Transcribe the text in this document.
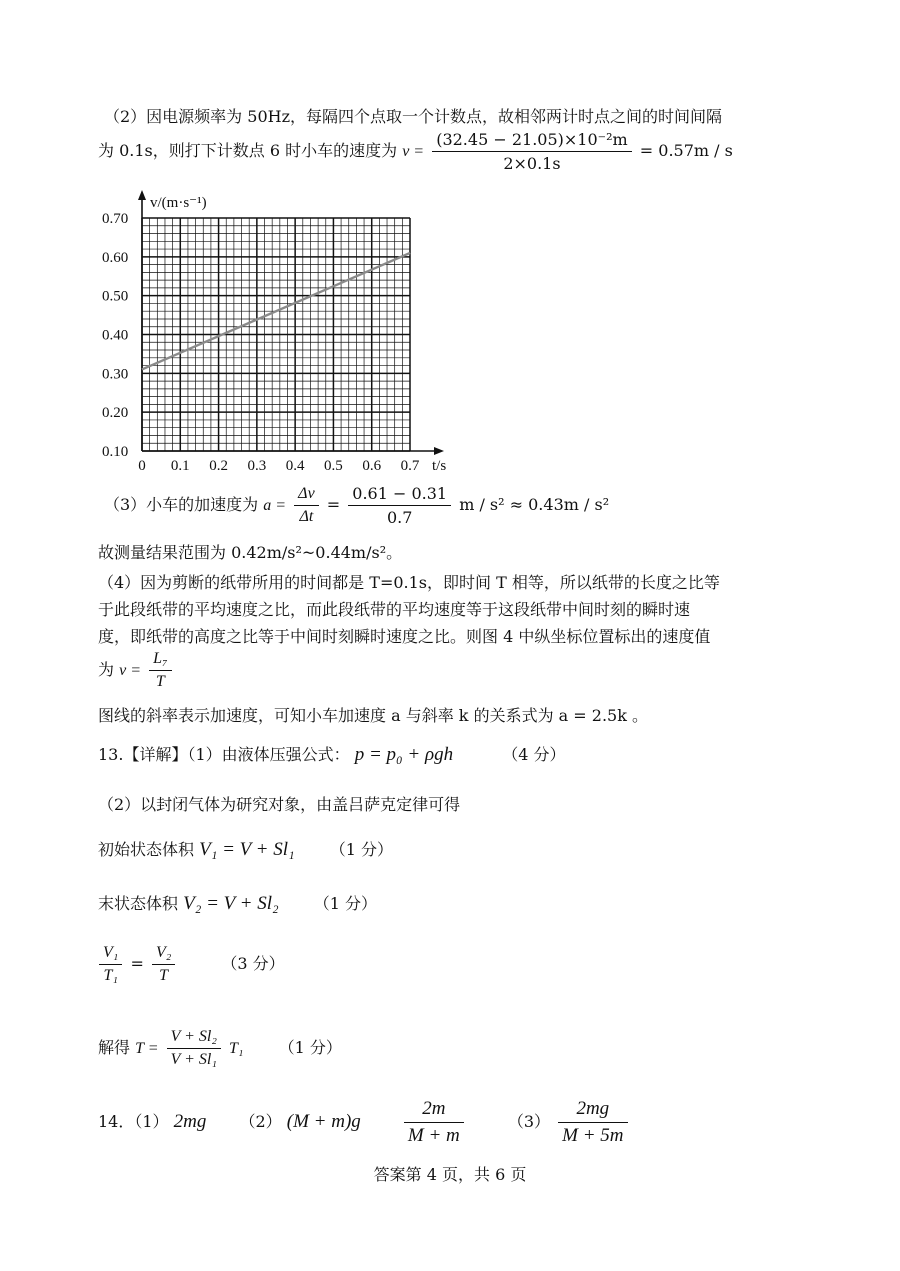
（2）因电源频率为 50Hz，每隔四个点取一个计数点，故相邻两计时点之间的时间间隔
为 0.1s，则打下计数点 6 时小车的速度为 $v = \frac{\text{(32.45 − 21.05)×10⁻²m}}{2\times 0.1s} = 0.57m / s$
0.10
0.20
0.30
0.40
0.50
0.60
0.70
0 0.1 0.2 0.3 0.4 0.5 0.6 0.7
v/(m·s⁻¹)
t/s
（3）小车的加速度为 $a = \frac{\Delta v}{\Delta t} = \frac{0.61 - 0.31}{0.7}$ m / s² ≈ 0.43m / s²
故测量结果范围为 0.42m/s²~0.44m/s²。
（4）因为剪断的纸带所用的时间都是 T=0.1s，即时间 T 相等，所以纸带的长度之比等
于此段纸带的平均速度之比，而此段纸带的平均速度等于这段纸带中间时刻的瞬时速
度，即纸带的高度之比等于中间时刻瞬时速度之比。则图 4 中纵坐标位置标出的速度值
为 $v = \frac{\text{L₇}}{T}$
图线的斜率表示加速度，可知小车加速度 a 与斜率 k 的关系式为 a = 2.5k 。
13.【详解】（1）由液体压强公式： p = p₀ + ρgh	（4 分）
（2）以封闭气体为研究对象，由盖吕萨克定律可得
初始状态体积 V₁ = V + Sl₁ （1 分）
末状态体积 V₂ = V + Sl₂ （1 分）
$\frac{\text{V₁}}{\text{T₁}} = \frac{\text{V₂}}{T}$	（3 分）
解得 $T = \frac{\text{V + Sl₂}}{\text{V + Sl₁}} T_1$ （1 分）
14．（1） 2mg （2） $(M + m)g \frac{2m}{M + m}$	$(3) \frac{2mg}{M + 5m}$
答案第 4 页，共 6 页
